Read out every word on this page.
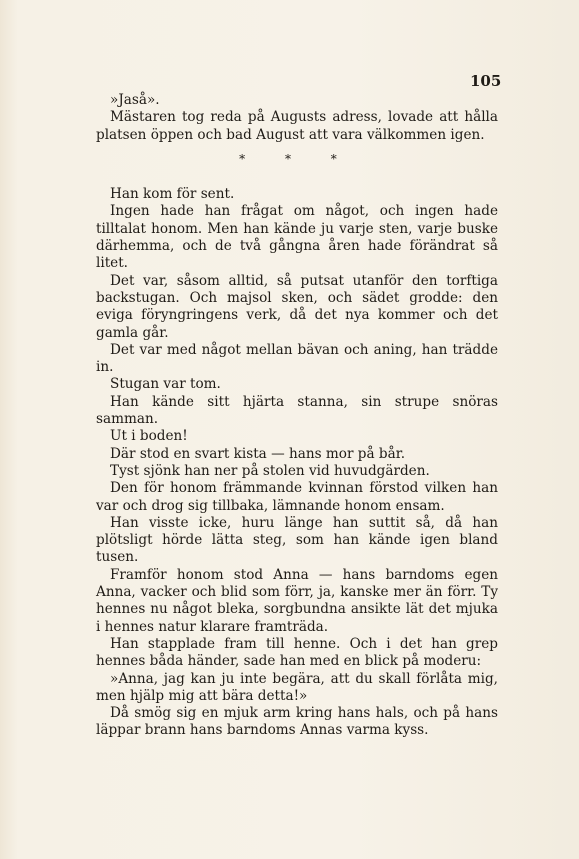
105

»Jaså».

Mästaren tog reda på Augusts adress, lovade att hålla platsen öppen och bad August att vara välkommen igen.

* * *

Han kom för sent.

Ingen hade han frågat om något, och ingen hade tilltalat honom. Men han kände ju varje sten, varje buske därhemma, och de två gångna åren hade förändrat så litet.

Det var, såsom alltid, så putsat utanför den torftiga backstugan. Och majsol sken, och sädet grodde: den eviga föryngringens verk, då det nya kommer och det gamla går.

Det var med något mellan bävan och aning, han trädde in.

Stugan var tom.

Han kände sitt hjärta stanna, sin strupe snöras samman.

Ut i boden!

Där stod en svart kista — hans mor på bår.

Tyst sjönk han ner på stolen vid huvudgärden.

Den för honom främmande kvinnan förstod vilken han var och drog sig tillbaka, lämnande honom ensam.

Han visste icke, huru länge han suttit så, då han plötsligt hörde lätta steg, som han kände igen bland tusen.

Framför honom stod Anna — hans barndoms egen Anna, vacker och blid som förr, ja, kanske mer än förr. Ty hennes nu något bleka, sorgbundna ansikte lät det mjuka i hennes natur klarare framträda.

Han stapplade fram till henne. Och i det han grep hennes båda händer, sade han med en blick på moderu:

»Anna, jag kan ju inte begära, att du skall förlåta mig, men hjälp mig att bära detta!»

Då smög sig en mjuk arm kring hans hals, och på hans läppar brann hans barndoms Annas varma kyss.
